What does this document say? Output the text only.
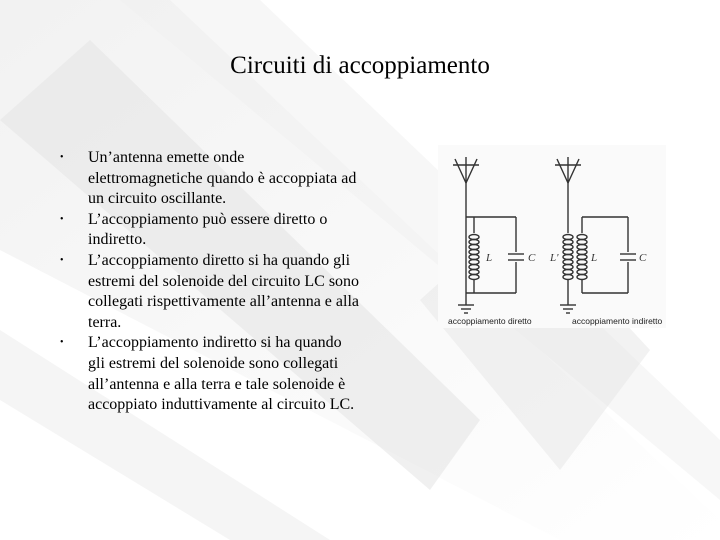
Circuiti di accoppiamento
• Un’antenna emette onde elettromagnetiche quando è accoppiata ad un circuito oscillante.
• L’accoppiamento può essere diretto o indiretto.
• L’accoppiamento diretto si ha quando gli estremi del solenoide del circuito LC sono collegati rispettivamente all’antenna e alla terra.
• L’accoppiamento indiretto si ha quando gli estremi del solenoide sono collegati all’antenna e alla terra e tale solenoide è accoppiato induttivamente al circuito LC.
L	C L'	L	C
accoppiamento diretto	accoppiamento indiretto
